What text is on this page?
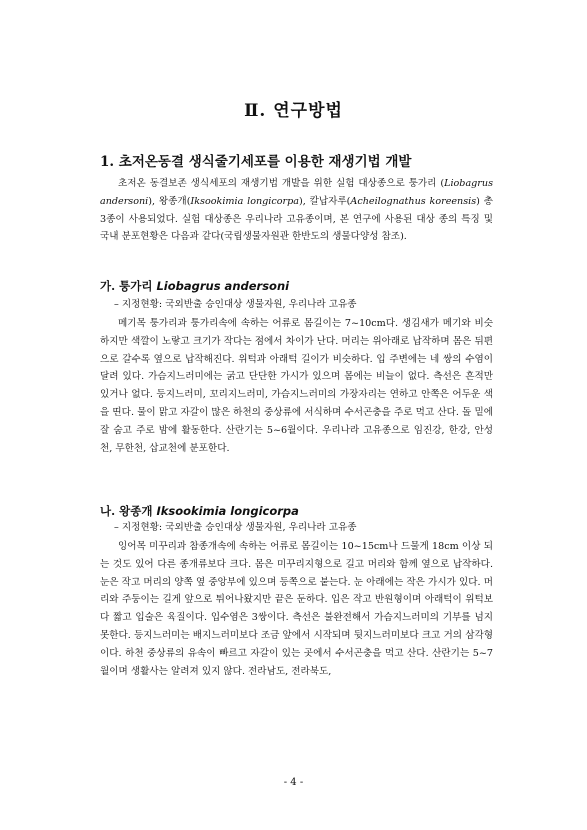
Ⅱ. 연구방법
1. 초저온동결 생식줄기세포를 이용한 재생기법 개발

초저온 동결보존 생식세포의 재생기법 개발을 위한 실험 대상종으로 퉁가리 (Liobagrus andersoni), 왕종개(Iksookimia longicorpa), 칼납자루(Acheilognathus koreensis) 총 3종이 사용되었다. 실험 대상종은 우리나라 고유종이며, 본 연구에 사용된 대상 종의 특징 및 국내 분포현황은 다음과 같다(국립생물자원관 한반도의 생물다양성 참조).

가. 퉁가리 Liobagrus andersoni
– 지정현황: 국외반출 승인대상 생물자원, 우리나라 고유종

메기목 퉁가리과 퉁가리속에 속하는 어류로 몸길이는 7~10cm다. 생김새가 메기와 비슷하지만 색깔이 노랗고 크기가 작다는 점에서 차이가 난다. 머리는 위아래로 납작하며 몸은 뒤편으로 갈수록 옆으로 납작해진다. 위턱과 아래턱 길이가 비슷하다. 입 주변에는 네 쌍의 수염이 달려 있다. 가슴지느러미에는 굵고 단단한 가시가 있으며 몸에는 비늘이 없다. 측선은 흔적만 있거나 없다. 등지느러미, 꼬리지느러미, 가슴지느러미의 가장자리는 연하고 안쪽은 어두운 색을 띤다. 물이 맑고 자갈이 많은 하천의 중상류에 서식하며 수서곤충을 주로 먹고 산다. 돌 밑에 잘 숨고 주로 밤에 활동한다. 산란기는 5~6월이다. 우리나라 고유종으로 임진강, 한강, 안성천, 무한천, 삽교천에 분포한다.

나. 왕종개 Iksookimia longicorpa
– 지정현황: 국외반출 승인대상 생물자원, 우리나라 고유종

잉어목 미꾸리과 참종개속에 속하는 어류로 몸길이는 10~15cm나 드물게 18cm 이상 되는 것도 있어 다른 종개류보다 크다. 몸은 미꾸리지형으로 길고 머리와 함께 옆으로 납작하다. 눈은 작고 머리의 양쪽 옆 중앙부에 있으며 등쪽으로 붙는다. 눈 아래에는 작은 가시가 있다. 머리와 주둥이는 길게 앞으로 튀어나왔지만 끝은 둔하다. 입은 작고 반원형이며 아래턱이 위턱보다 짧고 입술은 육질이다. 입수염은 3쌍이다. 측선은 불완전해서 가슴지느러미의 기부를 넘지 못한다. 등지느러미는 배지느러미보다 조금 앞에서 시작되며 뒷지느러미보다 크고 거의 삼각형이다. 하천 중상류의 유속이 빠르고 자갈이 있는 곳에서 수서곤충을 먹고 산다. 산란기는 5~7월이며 생활사는 알려져 있지 않다. 전라남도, 전라북도,

- 4 -
